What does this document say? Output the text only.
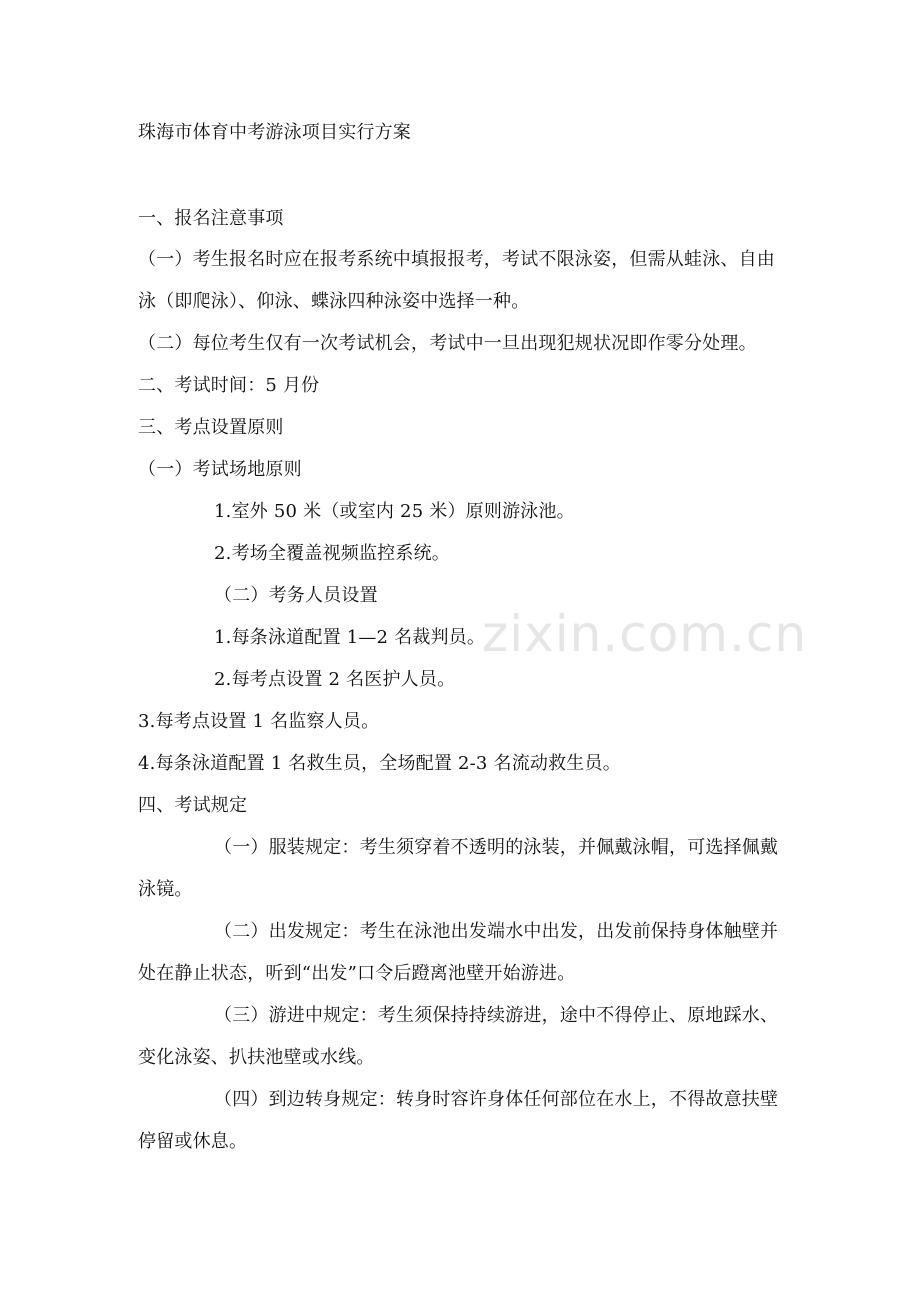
zixin.com.cn
珠海市体育中考游泳项目实行方案
一、报名注意事项
（一）考生报名时应在报考系统中填报报考，考试不限泳姿，但需从蛙泳、自由
泳（即爬泳）、仰泳、蝶泳四种泳姿中选择一种。
（二）每位考生仅有一次考试机会，考试中一旦出现犯规状况即作零分处理。
二、考试时间：5 月份
三、考点设置原则
（一）考试场地原则
1.室外 50 米（或室内 25 米）原则游泳池。
2.考场全覆盖视频监控系统。
（二）考务人员设置
1.每条泳道配置 1—2 名裁判员。
2.每考点设置 2 名医护人员。
3.每考点设置 1 名监察人员。
4.每条泳道配置 1 名救生员，全场配置 2-3 名流动救生员。
四、考试规定
（一）服装规定：考生须穿着不透明的泳装，并佩戴泳帽，可选择佩戴
泳镜。
（二）出发规定：考生在泳池出发端水中出发，出发前保持身体触壁并
处在静止状态，听到“出发”口令后蹬离池壁开始游进。
（三）游进中规定：考生须保持持续游进，途中不得停止、原地踩水、
变化泳姿、扒扶池壁或水线。
（四）到边转身规定：转身时容许身体任何部位在水上，不得故意扶壁
停留或休息。
